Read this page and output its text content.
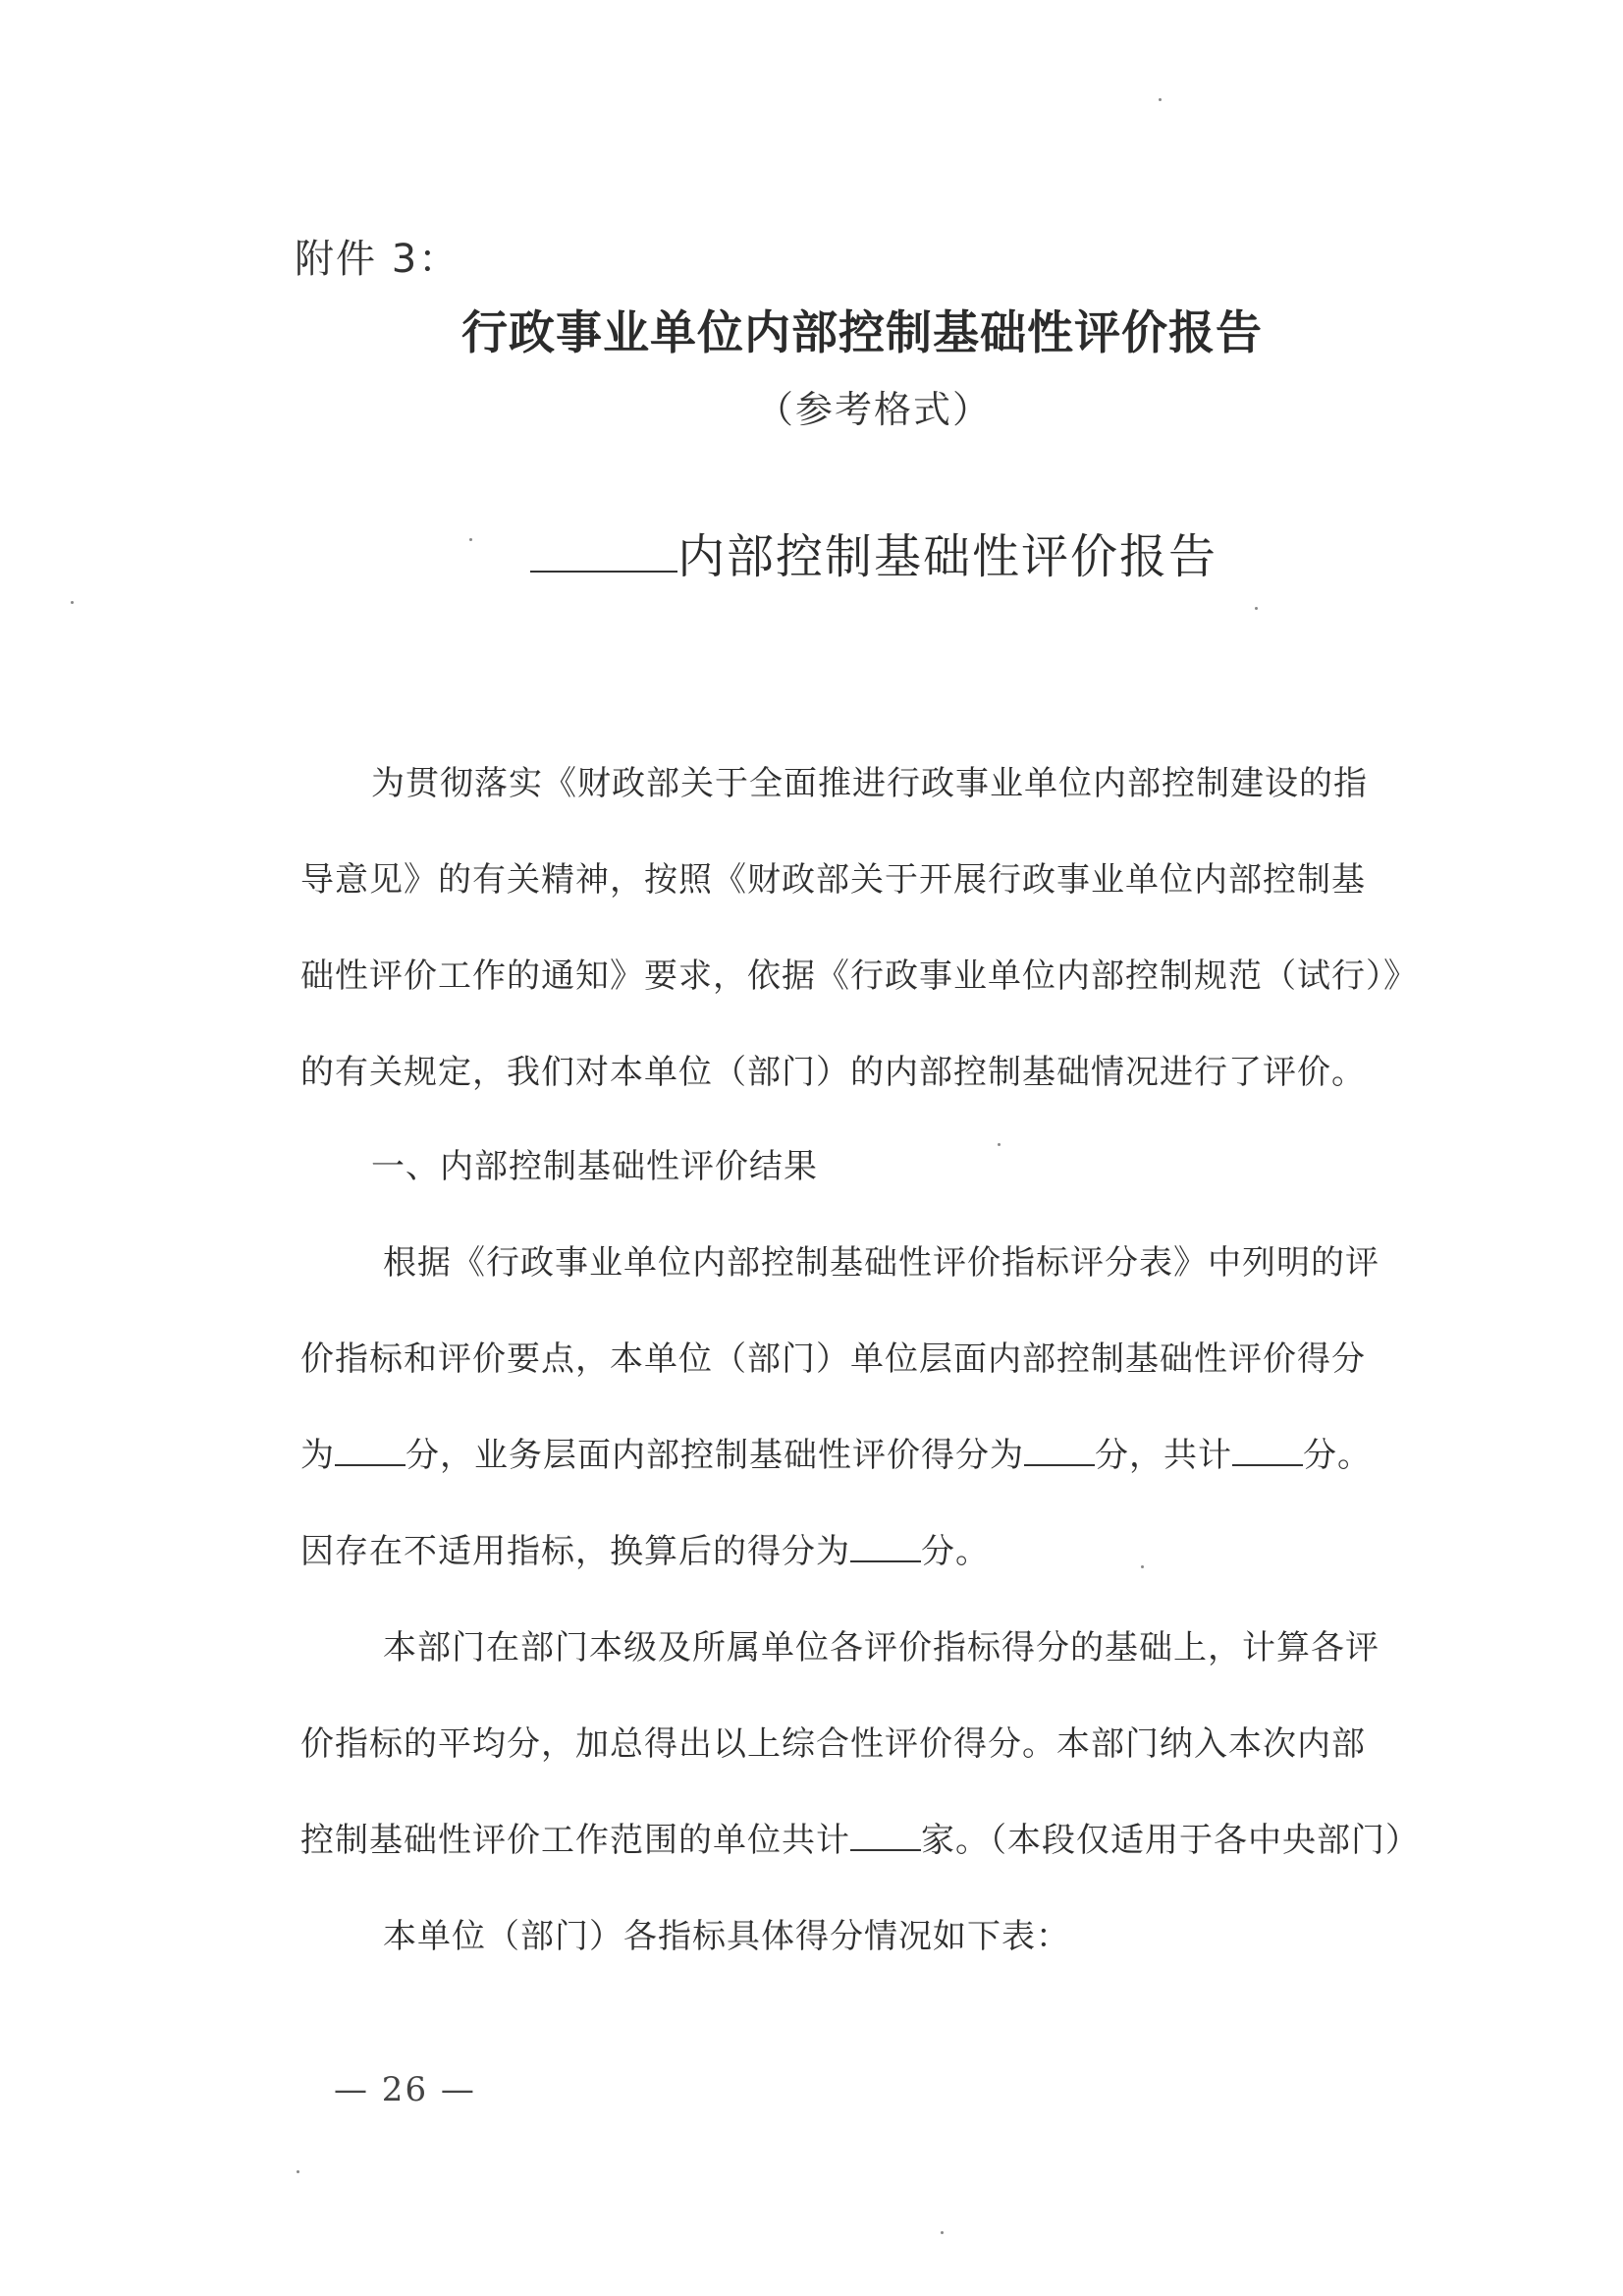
附件 3：
行政事业单位内部控制基础性评价报告
（参考格式）
内部控制基础性评价报告
为贯彻落实《财政部关于全面推进行政事业单位内部控制建设的指
导意见》的有关精神，按照《财政部关于开展行政事业单位内部控制基
础性评价工作的通知》要求，依据《行政事业单位内部控制规范（试行）》
的有关规定，我们对本单位（部门）的内部控制基础情况进行了评价。
一、内部控制基础性评价结果
根据《行政事业单位内部控制基础性评价指标评分表》中列明的评
价指标和评价要点，本单位（部门）单位层面内部控制基础性评价得分
为 分，业务层面内部控制基础性评价得分为 分，共计 分。
因存在不适用指标，换算后的得分为 分。
本部门在部门本级及所属单位各评价指标得分的基础上，计算各评
价指标的平均分，加总得出以上综合性评价得分。本部门纳入本次内部
控制基础性评价工作范围的单位共计 家。（本段仅适用于各中央部门）
本单位（部门）各指标具体得分情况如下表：
— 26 —
